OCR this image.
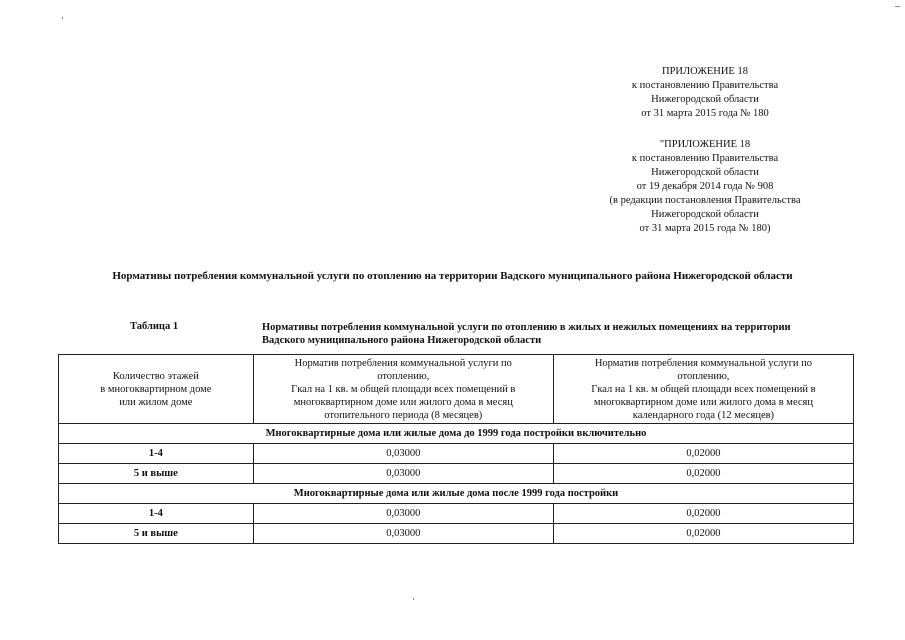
ПРИЛОЖЕНИЕ 18
к постановлению Правительства
Нижегородской области
от 31 марта 2015 года № 180
"ПРИЛОЖЕНИЕ 18
к постановлению Правительства
Нижегородской области
от 19 декабря 2014 года № 908
(в редакции постановления Правительства
Нижегородской области
от 31 марта 2015 года № 180)
Нормативы потребления коммунальной услуги по отоплению на территории Вадского муниципального района Нижегородской области
Таблица 1	Нормативы потребления коммунальной услуги по отоплению в жилых и нежилых помещениях на территории Вадского муниципального района Нижегородской области
Количество этажей
в многоквартирном доме
или жилом доме	Норматив потребления коммунальной услуги по
отоплению,
Гкал на 1 кв. м общей площади всех помещений в
многоквартирном доме или жилого дома в месяц
отопительного периода (8 месяцев)	Норматив потребления коммунальной услуги по
отоплению,
Гкал на 1 кв. м общей площади всех помещений в
многоквартирном доме или жилого дома в месяц
календарного года (12 месяцев)

Многоквартирные дома или жилые дома до 1999 года постройки включительно		
1-4	0,03000	0,02000
5 и выше	0,03000	0,02000
Многоквартирные дома или жилые дома после 1999 года постройки		
1-4	0,03000	0,02000
5 и выше	0,03000	0,02000
